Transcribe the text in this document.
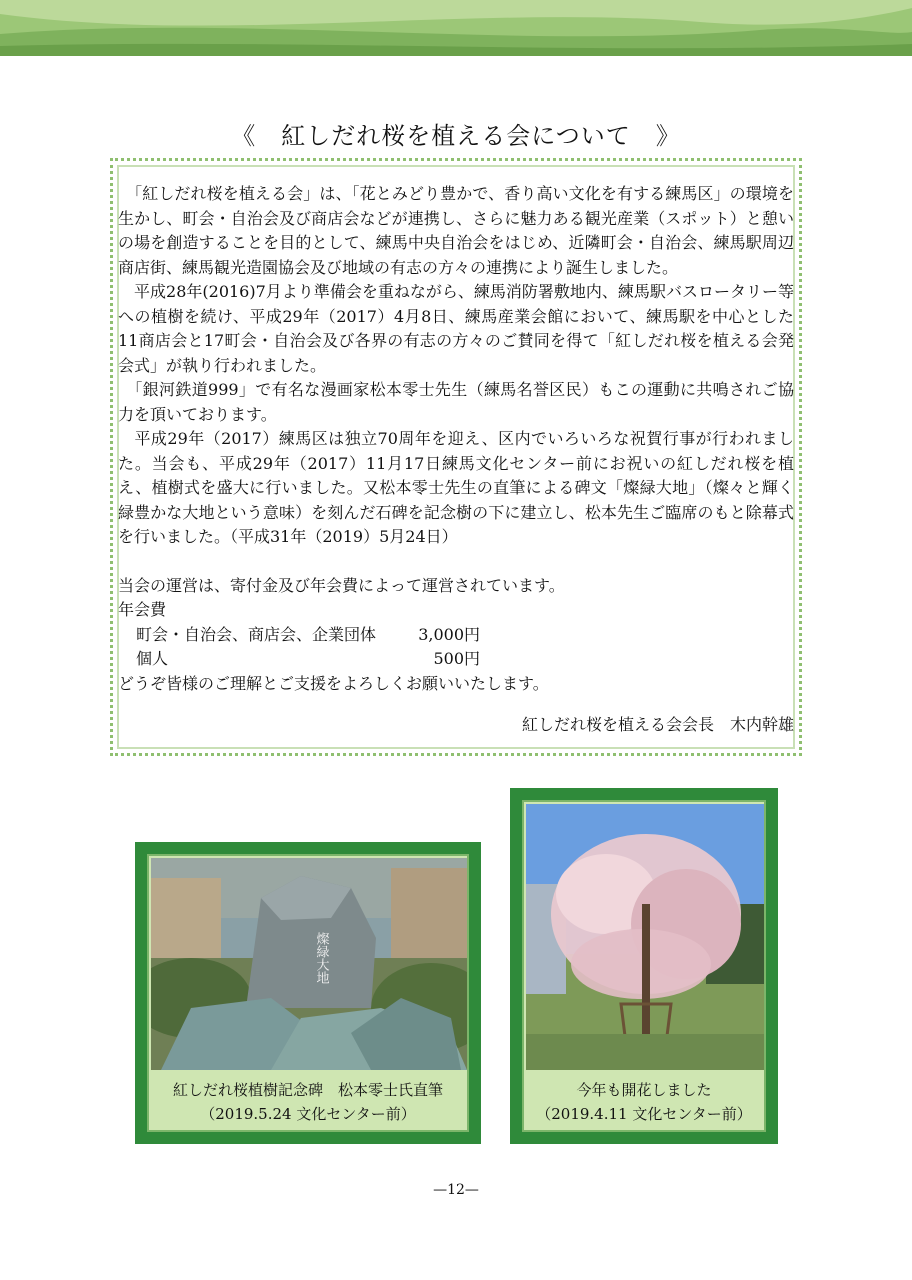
《　紅しだれ桜を植える会について　》

　「紅しだれ桜を植える会」は、「花とみどり豊かで、香り高い文化を有する練馬区」の環境を生かし、町会・自治会及び商店会などが連携し、さらに魅力ある観光産業（スポット）と憩いの場を創造することを目的として、練馬中央自治会をはじめ、近隣町会・自治会、練馬駅周辺商店街、練馬観光造園協会及び地域の有志の方々の連携により誕生しました。

　平成28年(2016)7月より準備会を重ねながら、練馬消防署敷地内、練馬駅バスロータリー等への植樹を続け、平成29年（2017）4月8日、練馬産業会館において、練馬駅を中心とした11商店会と17町会・自治会及び各界の有志の方々のご賛同を得て「紅しだれ桜を植える会発会式」が執り行われました。

　「銀河鉄道999」で有名な漫画家松本零士先生（練馬名誉区民）もこの運動に共鳴されご協力を頂いております。

　平成29年（2017）練馬区は独立70周年を迎え、区内でいろいろな祝賀行事が行われました。当会も、平成29年（2017）11月17日練馬文化センター前にお祝いの紅しだれ桜を植え、植樹式を盛大に行いました。又松本零士先生の直筆による碑文「燦緑大地」（燦々と輝く緑豊かな大地という意味）を刻んだ石碑を記念樹の下に建立し、松本先生ご臨席のもと除幕式を行いました。（平成31年（2019）5月24日）

当会の運営は、寄付金及び年会費によって運営されています。

年会費

町会・自治会、商店会、企業団体	3,000円
個人	500円

どうぞ皆様のご理解とご支援をよろしくお願いいたします。

紅しだれ桜を植える会会長　木内幹雄
燦緑大地
紅しだれ桜植樹記念碑　松本零士氏直筆
（2019.5.24 文化センター前）
今年も開花しました
（2019.4.11 文化センター前）
—12—
